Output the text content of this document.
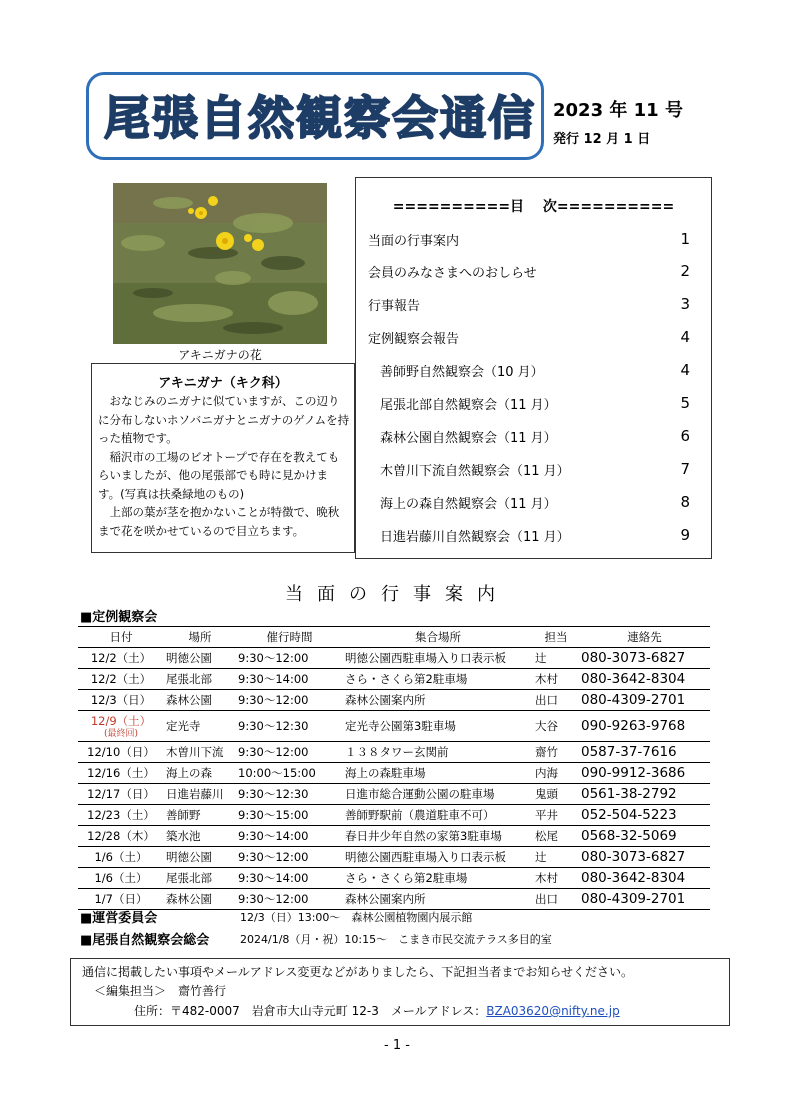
尾張自然観察会通信 2023 年 11 号
発行 12 月 1 日
アキニガナの花
アキニガナ（キク科）

おなじみのニガナに似ていますが、この辺りに分布しないホソバニガナとニガナのゲノムを持った植物です。

稲沢市の工場のビオトープで存在を教えてもらいましたが、他の尾張部でも時に見かけます。(写真は扶桑緑地のもの)

上部の葉が茎を抱かないことが特徴で、晩秋まで花を咲かせているので目立ちます。

==========目　 次==========
当面の行事案内	1
会員のみなさまへのおしらせ	2
行事報告	3
定例観察会報告	4
善師野自然観察会（10 月）	4
尾張北部自然観察会（11 月）	5
森林公園自然観察会（11 月）	6
木曽川下流自然観察会（11 月）	7
海上の森自然観察会（11 月）	8
日進岩藤川自然観察会（11 月）	9
当面の行事案内
■定例観察会
日付	場所	催行時間	集合場所	担当	連絡先
12/2（土）	明徳公園	9:30～12:00	明徳公園西駐車場入り口表示板	辻	080-3073-6827
12/2（土）	尾張北部	9:30～14:00	さら・さくら第2駐車場	木村	080-3642-8304
12/3（日）	森林公園	9:30～12:00	森林公園案内所	出口	080-4309-2701
12/9（土）
(最終回)	定光寺	9:30～12:30	定光寺公園第3駐車場	大谷	090-9263-9768
12/10（日）	木曽川下流	9:30～12:00	１３８タワー玄関前	齋竹	0587-37-7616
12/16（土）	海上の森	10:00～15:00	海上の森駐車場	内海	090-9912-3686
12/17（日）	日進岩藤川	9:30～12:30	日進市総合運動公園の駐車場	鬼頭	0561-38-2792
12/23（土）	善師野	9:30～15:00	善師野駅前（農道駐車不可）	平井	052-504-5223
12/28（木）	築水池	9:30～14:00	春日井少年自然の家第3駐車場	松尾	0568-32-5069
1/6（土）	明徳公園	9:30～12:00	明徳公園西駐車場入り口表示板	辻	080-3073-6827
1/6（土）	尾張北部	9:30～14:00	さら・さくら第2駐車場	木村	080-3642-8304
1/7（日）	森林公園	9:30～12:00	森林公園案内所	出口	080-4309-2701
■運営委員会	12/3（日）13:00～　森林公園植物園内展示館
■尾張自然観察会総会	2024/1/8（月・祝）10:15～　こまき市民交流テラス多目的室
通信に掲載したい事項やメールアドレス変更などがありましたら、下記担当者までお知らせください。
＜編集担当＞　齋竹善行
住所：〒482-0007　岩倉市大山寺元町 12-3　メールアドレス：BZA03620@nifty.ne.jp
- 1 -
